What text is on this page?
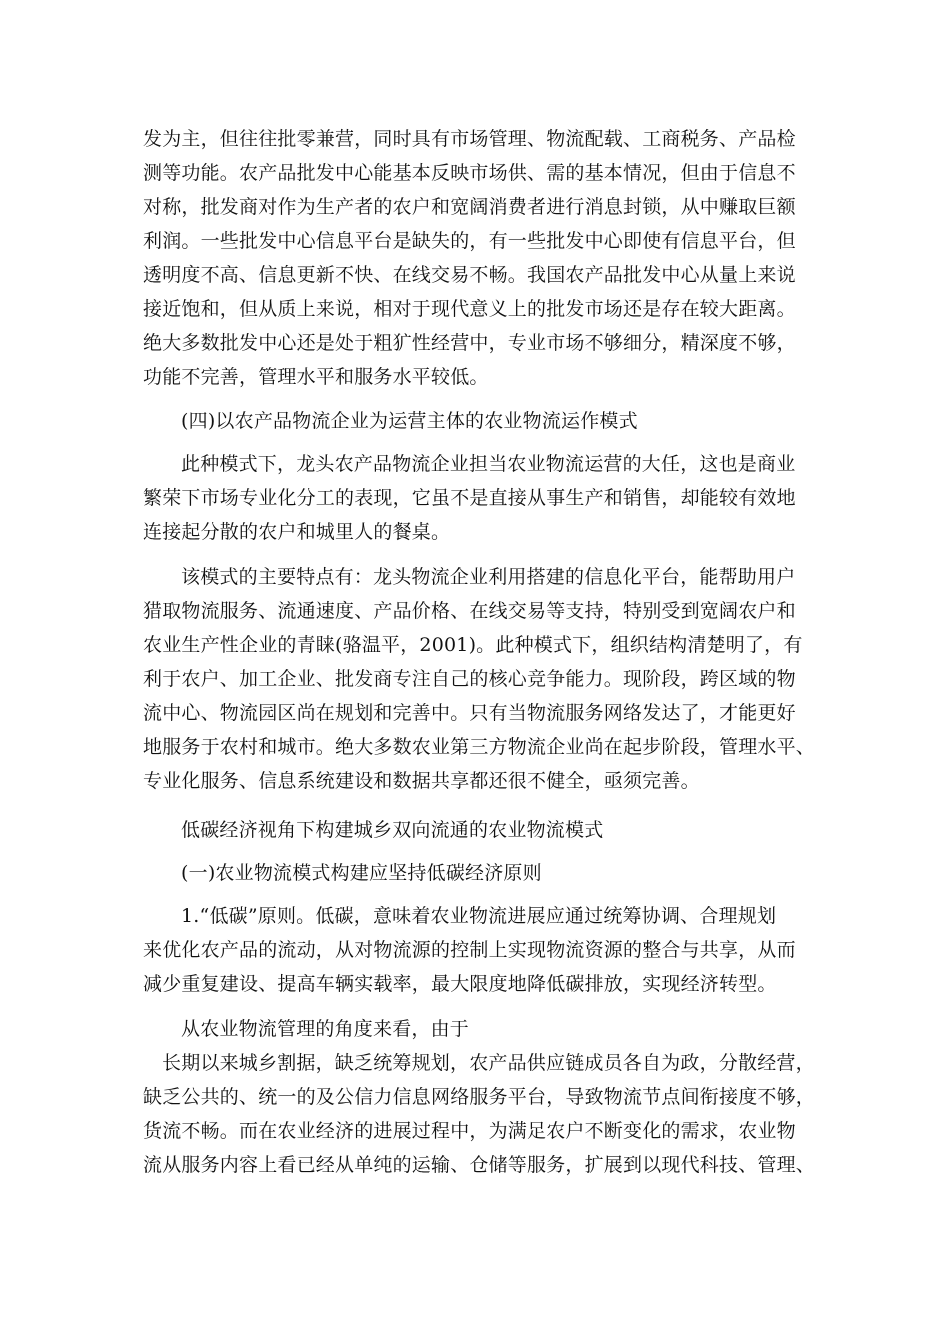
发为主，但往往批零兼营，同时具有市场管理、物流配载、工商税务、产品检
测等功能。农产品批发中心能基本反映市场供、需的基本情况，但由于信息不
对称，批发商对作为生产者的农户和宽阔消费者进行消息封锁，从中赚取巨额
利润。一些批发中心信息平台是缺失的，有一些批发中心即使有信息平台，但
透明度不高、信息更新不快、在线交易不畅。我国农产品批发中心从量上来说
接近饱和，但从质上来说，相对于现代意义上的批发市场还是存在较大距离。
绝大多数批发中心还是处于粗犷性经营中，专业市场不够细分，精深度不够，
功能不完善，管理水平和服务水平较低。
(四)以农产品物流企业为运营主体的农业物流运作模式
此种模式下，龙头农产品物流企业担当农业物流运营的大任，这也是商业
繁荣下市场专业化分工的表现，它虽不是直接从事生产和销售，却能较有效地
连接起分散的农户和城里人的餐桌。
该模式的主要特点有：龙头物流企业利用搭建的信息化平台，能帮助用户
猎取物流服务、流通速度、产品价格、在线交易等支持，特别受到宽阔农户和
农业生产性企业的青睐(骆温平，2001)。此种模式下，组织结构清楚明了，有
利于农户、加工企业、批发商专注自己的核心竞争能力。现阶段，跨区域的物
流中心、物流园区尚在规划和完善中。只有当物流服务网络发达了，才能更好
地服务于农村和城市。绝大多数农业第三方物流企业尚在起步阶段，管理水平、
专业化服务、信息系统建设和数据共享都还很不健全，亟须完善。
低碳经济视角下构建城乡双向流通的农业物流模式
(一)农业物流模式构建应坚持低碳经济原则
1.“低碳”原则。低碳，意味着农业物流进展应通过统筹协调、合理规划
来优化农产品的流动，从对物流源的控制上实现物流资源的整合与共享，从而
减少重复建设、提高车辆实载率，最大限度地降低碳排放，实现经济转型。
从农业物流管理的角度来看，由于
长期以来城乡割据，缺乏统筹规划，农产品供应链成员各自为政，分散经营，
缺乏公共的、统一的及公信力信息网络服务平台，导致物流节点间衔接度不够，
货流不畅。而在农业经济的进展过程中，为满足农户不断变化的需求，农业物
流从服务内容上看已经从单纯的运输、仓储等服务，扩展到以现代科技、管理、
